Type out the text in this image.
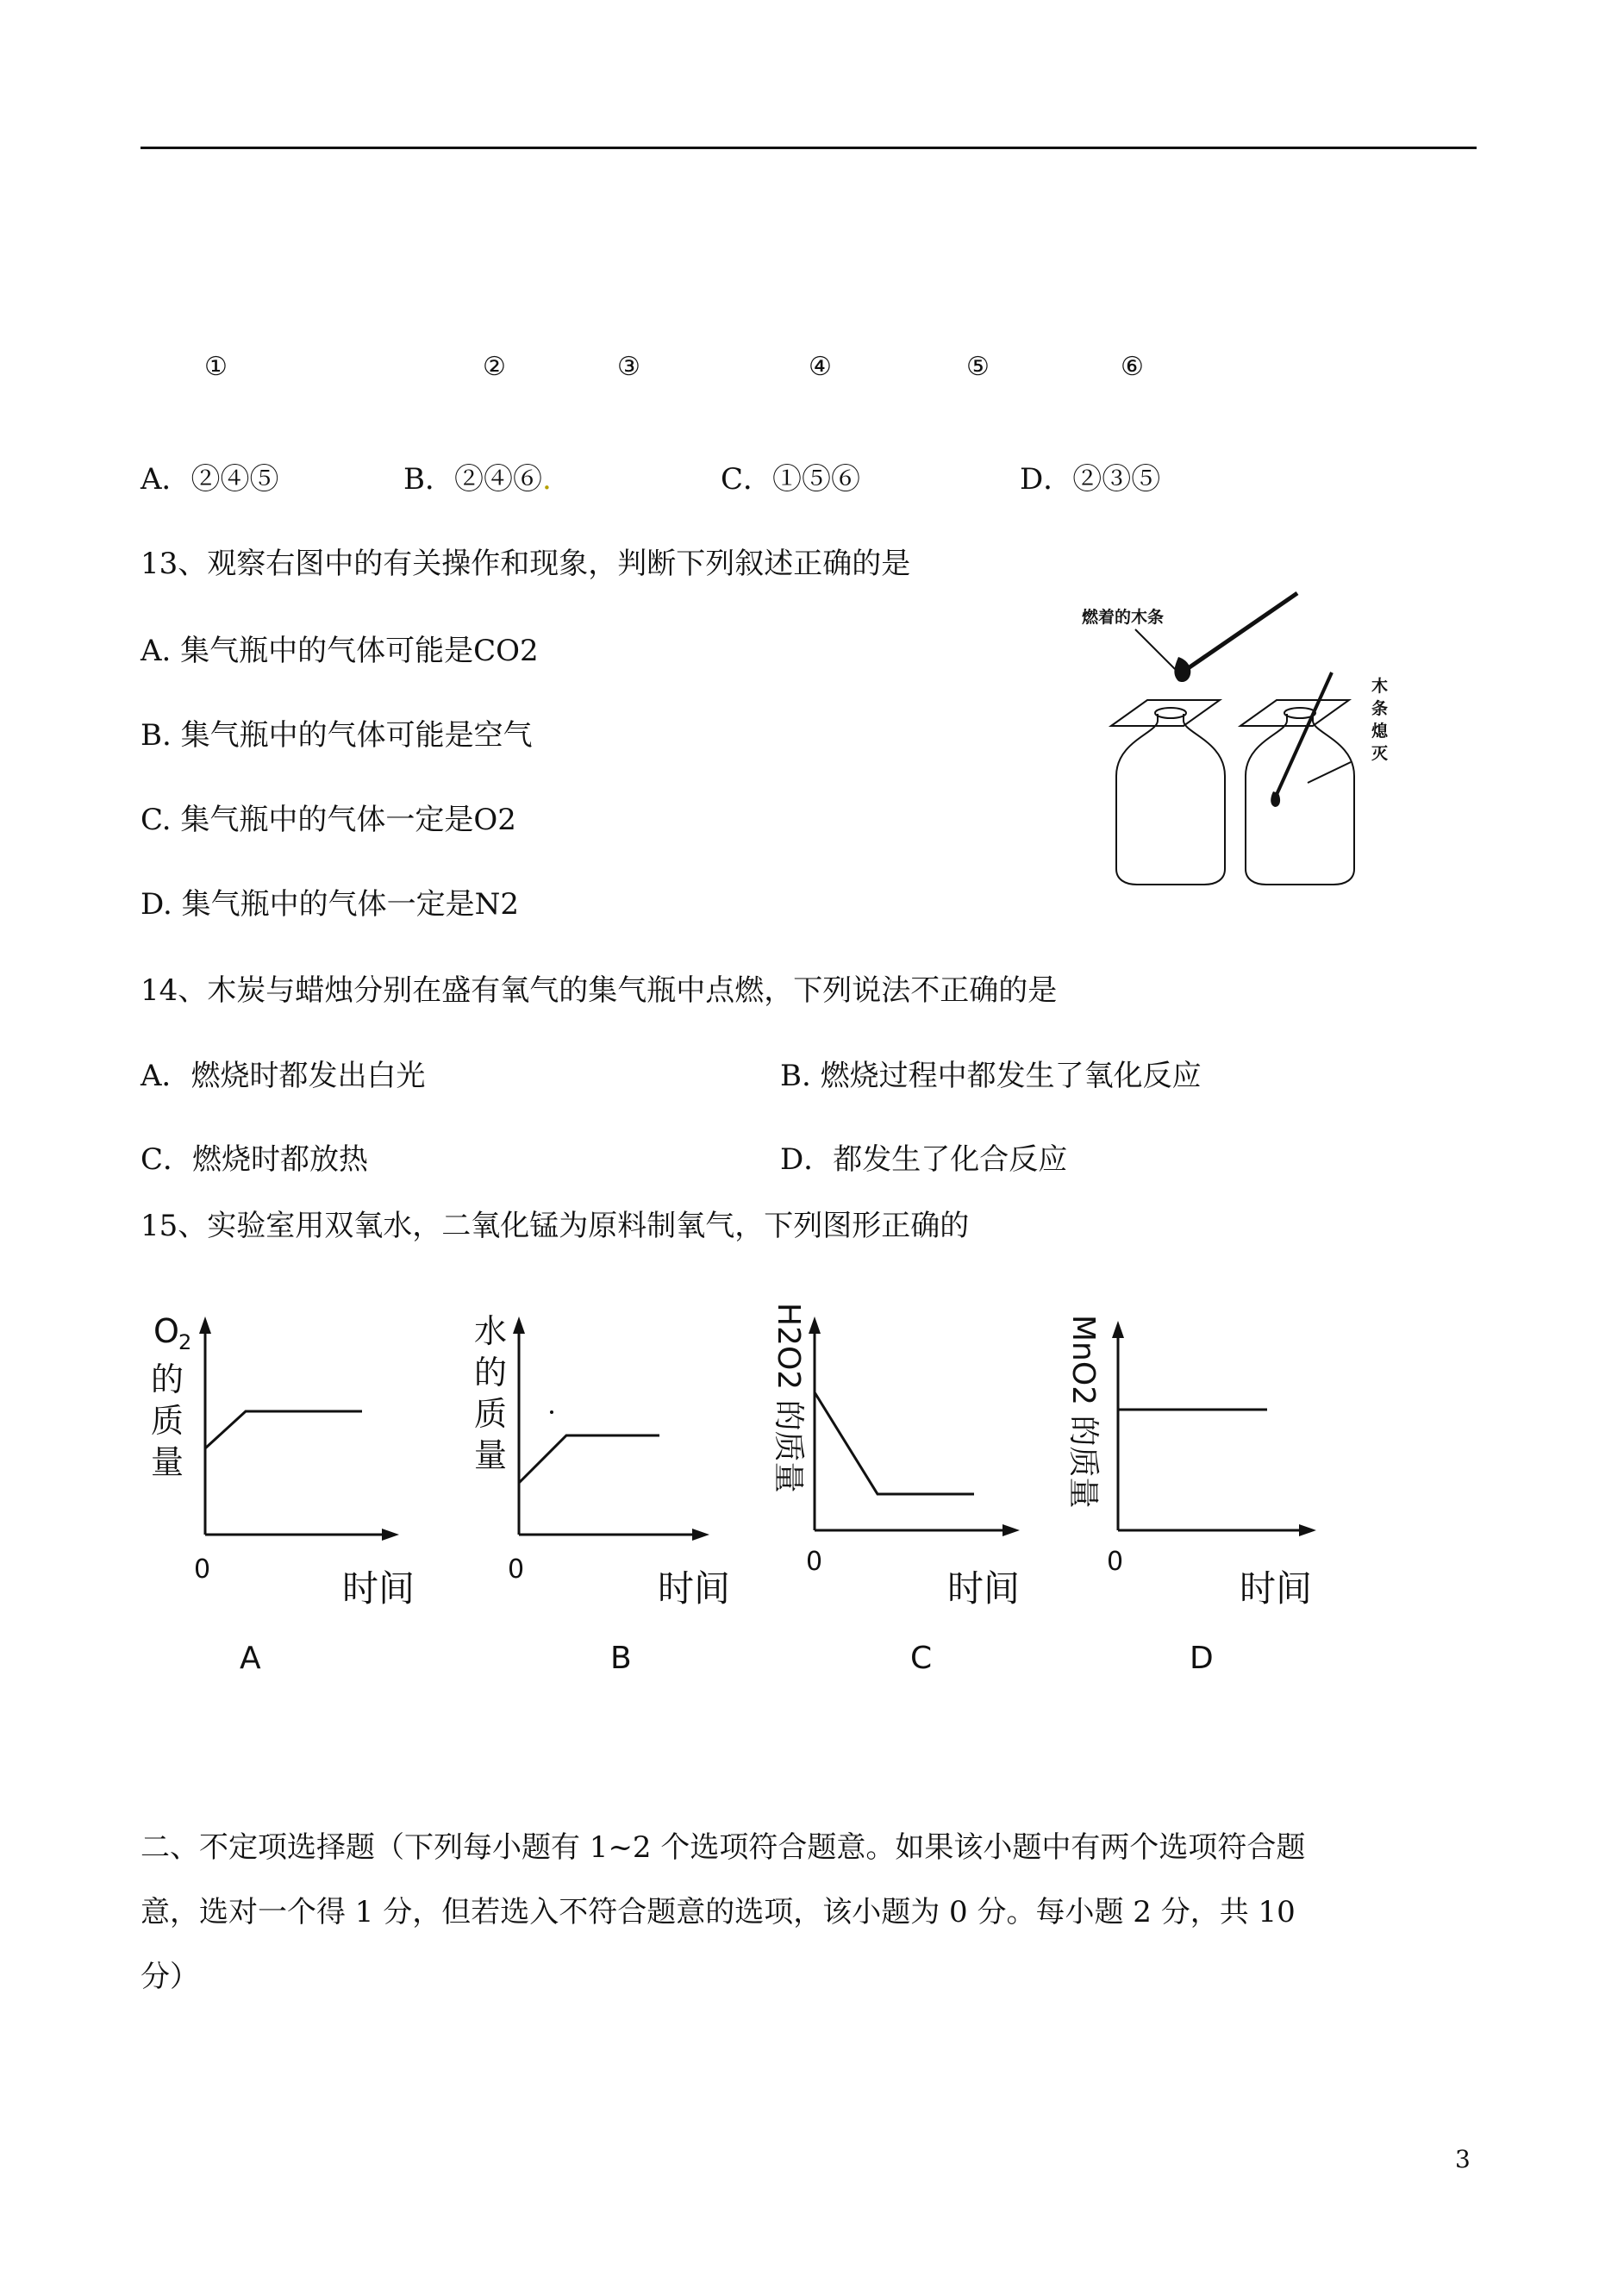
①	②	③	④	⑤	⑥
A．②④⑤	B．②④⑥.	C．①⑤⑥	D．②③⑤
13、观察右图中的有关操作和现象，判断下列叙述正确的是
A. 集气瓶中的气体可能是CO2
B. 集气瓶中的气体可能是空气
C. 集气瓶中的气体一定是O2
D. 集气瓶中的气体一定是N2
燃着的木条
木
条
熄
灭
14、木炭与蜡烛分别在盛有氧气的集气瓶中点燃，下列说法不正确的是
A．燃烧时都发出白光	B. 燃烧过程中都发生了氧化反应
C．燃烧时都放热	D．都发生了化合反应
15、实验室用双氧水，二氧化锰为原料制氧气，下列图形正确的
O 2
的
质
量
0	时间
A
水
的
质
量
0	时间
B
H2O2 的质量
0
时间
C
MnO2 的质量
0
时间
D
二、不定项选择题（下列每小题有 1~2 个选项符合题意。如果该小题中有两个选项符合题
意，选对一个得 1 分，但若选入不符合题意的选项，该小题为 0 分。每小题 2 分，共 10
分）
3
